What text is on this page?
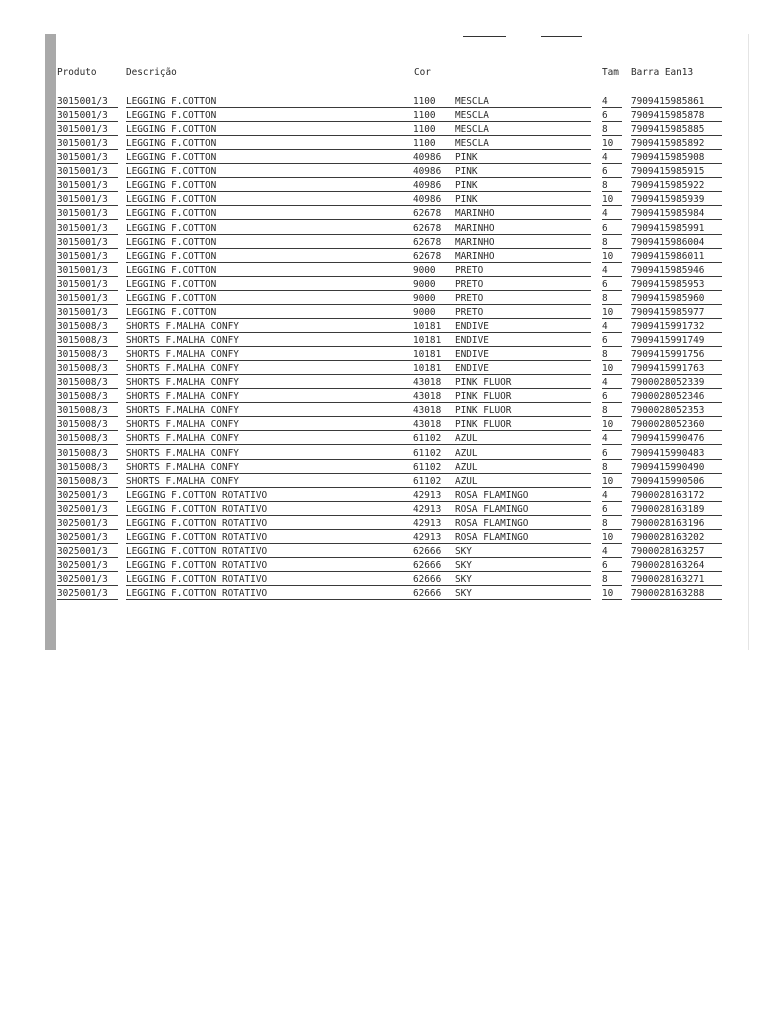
Produto	Descrição	Cor	Tam	Barra Ean13
3015001/3	LEGGING F.COTTON	1100	MESCLA	4	7909415985861
3015001/3	LEGGING F.COTTON	1100	MESCLA	6	7909415985878
3015001/3	LEGGING F.COTTON	1100	MESCLA	8	7909415985885
3015001/3	LEGGING F.COTTON	1100	MESCLA	10	7909415985892
3015001/3	LEGGING F.COTTON	40986	PINK	4	7909415985908
3015001/3	LEGGING F.COTTON	40986	PINK	6	7909415985915
3015001/3	LEGGING F.COTTON	40986	PINK	8	7909415985922
3015001/3	LEGGING F.COTTON	40986	PINK	10	7909415985939
3015001/3	LEGGING F.COTTON	62678	MARINHO	4	7909415985984
3015001/3	LEGGING F.COTTON	62678	MARINHO	6	7909415985991
3015001/3	LEGGING F.COTTON	62678	MARINHO	8	7909415986004
3015001/3	LEGGING F.COTTON	62678	MARINHO	10	7909415986011
3015001/3	LEGGING F.COTTON	9000	PRETO	4	7909415985946
3015001/3	LEGGING F.COTTON	9000	PRETO	6	7909415985953
3015001/3	LEGGING F.COTTON	9000	PRETO	8	7909415985960
3015001/3	LEGGING F.COTTON	9000	PRETO	10	7909415985977
3015008/3	SHORTS F.MALHA CONFY	10181	ENDIVE	4	7909415991732
3015008/3	SHORTS F.MALHA CONFY	10181	ENDIVE	6	7909415991749
3015008/3	SHORTS F.MALHA CONFY	10181	ENDIVE	8	7909415991756
3015008/3	SHORTS F.MALHA CONFY	10181	ENDIVE	10	7909415991763
3015008/3	SHORTS F.MALHA CONFY	43018	PINK FLUOR	4	7900028052339
3015008/3	SHORTS F.MALHA CONFY	43018	PINK FLUOR	6	7900028052346
3015008/3	SHORTS F.MALHA CONFY	43018	PINK FLUOR	8	7900028052353
3015008/3	SHORTS F.MALHA CONFY	43018	PINK FLUOR	10	7900028052360
3015008/3	SHORTS F.MALHA CONFY	61102	AZUL	4	7909415990476
3015008/3	SHORTS F.MALHA CONFY	61102	AZUL	6	7909415990483
3015008/3	SHORTS F.MALHA CONFY	61102	AZUL	8	7909415990490
3015008/3	SHORTS F.MALHA CONFY	61102	AZUL	10	7909415990506
3025001/3	LEGGING F.COTTON ROTATIVO	42913	ROSA FLAMINGO	4	7900028163172
3025001/3	LEGGING F.COTTON ROTATIVO	42913	ROSA FLAMINGO	6	7900028163189
3025001/3	LEGGING F.COTTON ROTATIVO	42913	ROSA FLAMINGO	8	7900028163196
3025001/3	LEGGING F.COTTON ROTATIVO	42913	ROSA FLAMINGO	10	7900028163202
3025001/3	LEGGING F.COTTON ROTATIVO	62666	SKY	4	7900028163257
3025001/3	LEGGING F.COTTON ROTATIVO	62666	SKY	6	7900028163264
3025001/3	LEGGING F.COTTON ROTATIVO	62666	SKY	8	7900028163271
3025001/3	LEGGING F.COTTON ROTATIVO	62666	SKY	10	7900028163288
